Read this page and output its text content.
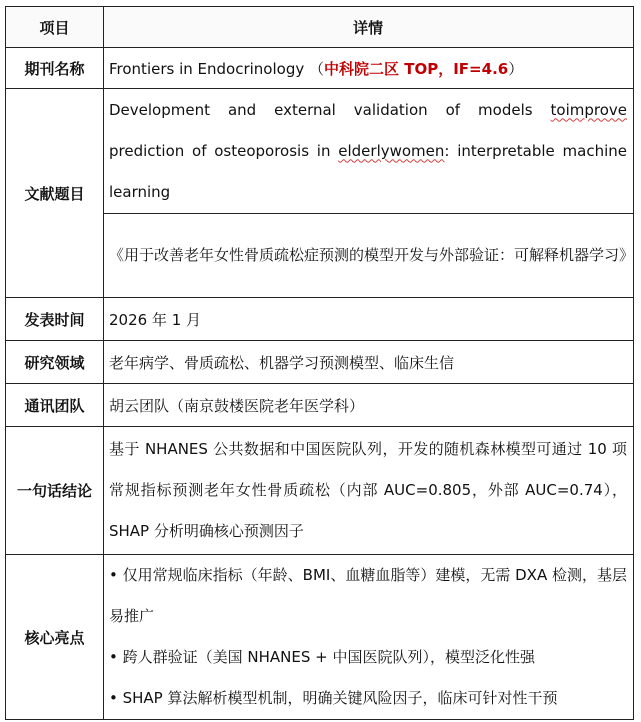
项目	详情
期刊名称	Frontiers in Endocrinology （中科院二区 TOP，IF=4.6）
文献题目	Development and external validation of models toimprove prediction of osteoporosis in elderlywomen: interpretable machine learning

	《用于改善老年女性骨质疏松症预测的模型开发与外部验证：可解释机器学习》

发表时间	2026 年 1 月
研究领域	老年病学、骨质疏松、机器学习预测模型、临床生信
通讯团队	胡云团队（南京鼓楼医院老年医学科）
一句话结论	基于 NHANES 公共数据和中国医院队列，开发的随机森林模型可通过 10 项常规指标预测老年女性骨质疏松（内部 AUC=0.805，外部 AUC=0.74），SHAP 分析明确核心预测因子

核心亮点	• 仅用常规临床指标（年龄、BMI、血糖血脂等）建模，无需 DXA 检测，基层易推广

• 跨人群验证（美国 NHANES + 中国医院队列），模型泛化性强

• SHAP 算法解析模型机制，明确关键风险因子，临床可针对性干预
